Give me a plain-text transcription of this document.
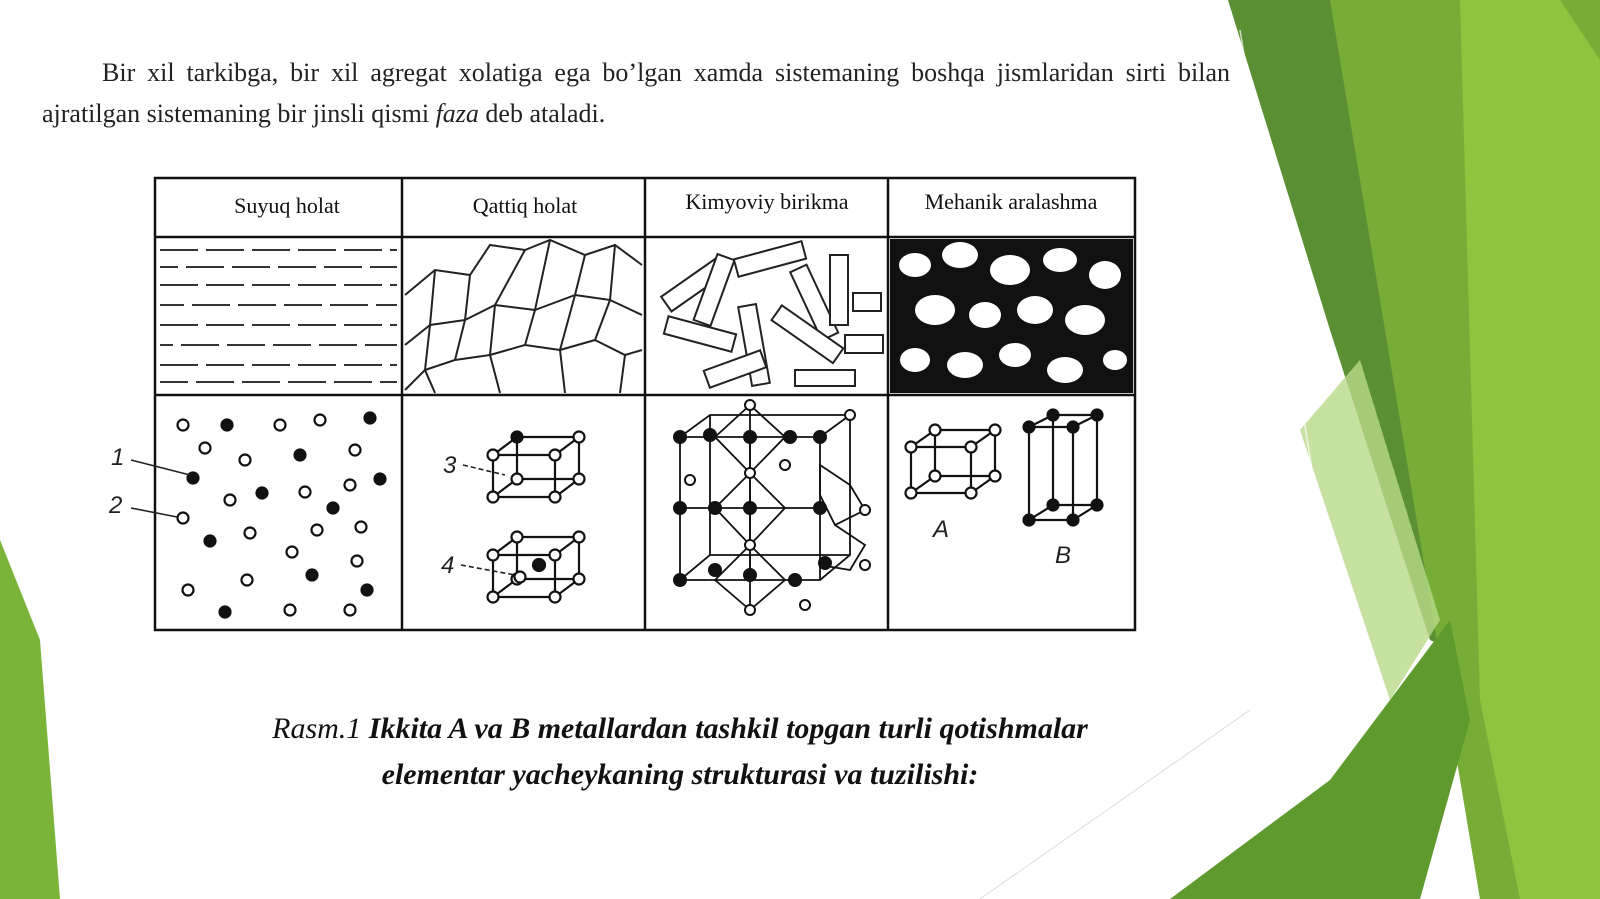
Bir xil tarkibga, bir xil agregat xolatiga ega bo’lgan xamda sistemaning boshqa jismlaridan sirti bilan ajratilgan sistemaning bir jinsli qismi faza deb ataladi.

Suyuq holat	Qattiq holat	Kimyoviy birikma	Mehanik aralashma
1
2
3
4
A
B
Rasm.1 Ikkita A va B metallardan tashkil topgan turli qotishmalar
elementar yacheykaning strukturasi va tuzilishi:
